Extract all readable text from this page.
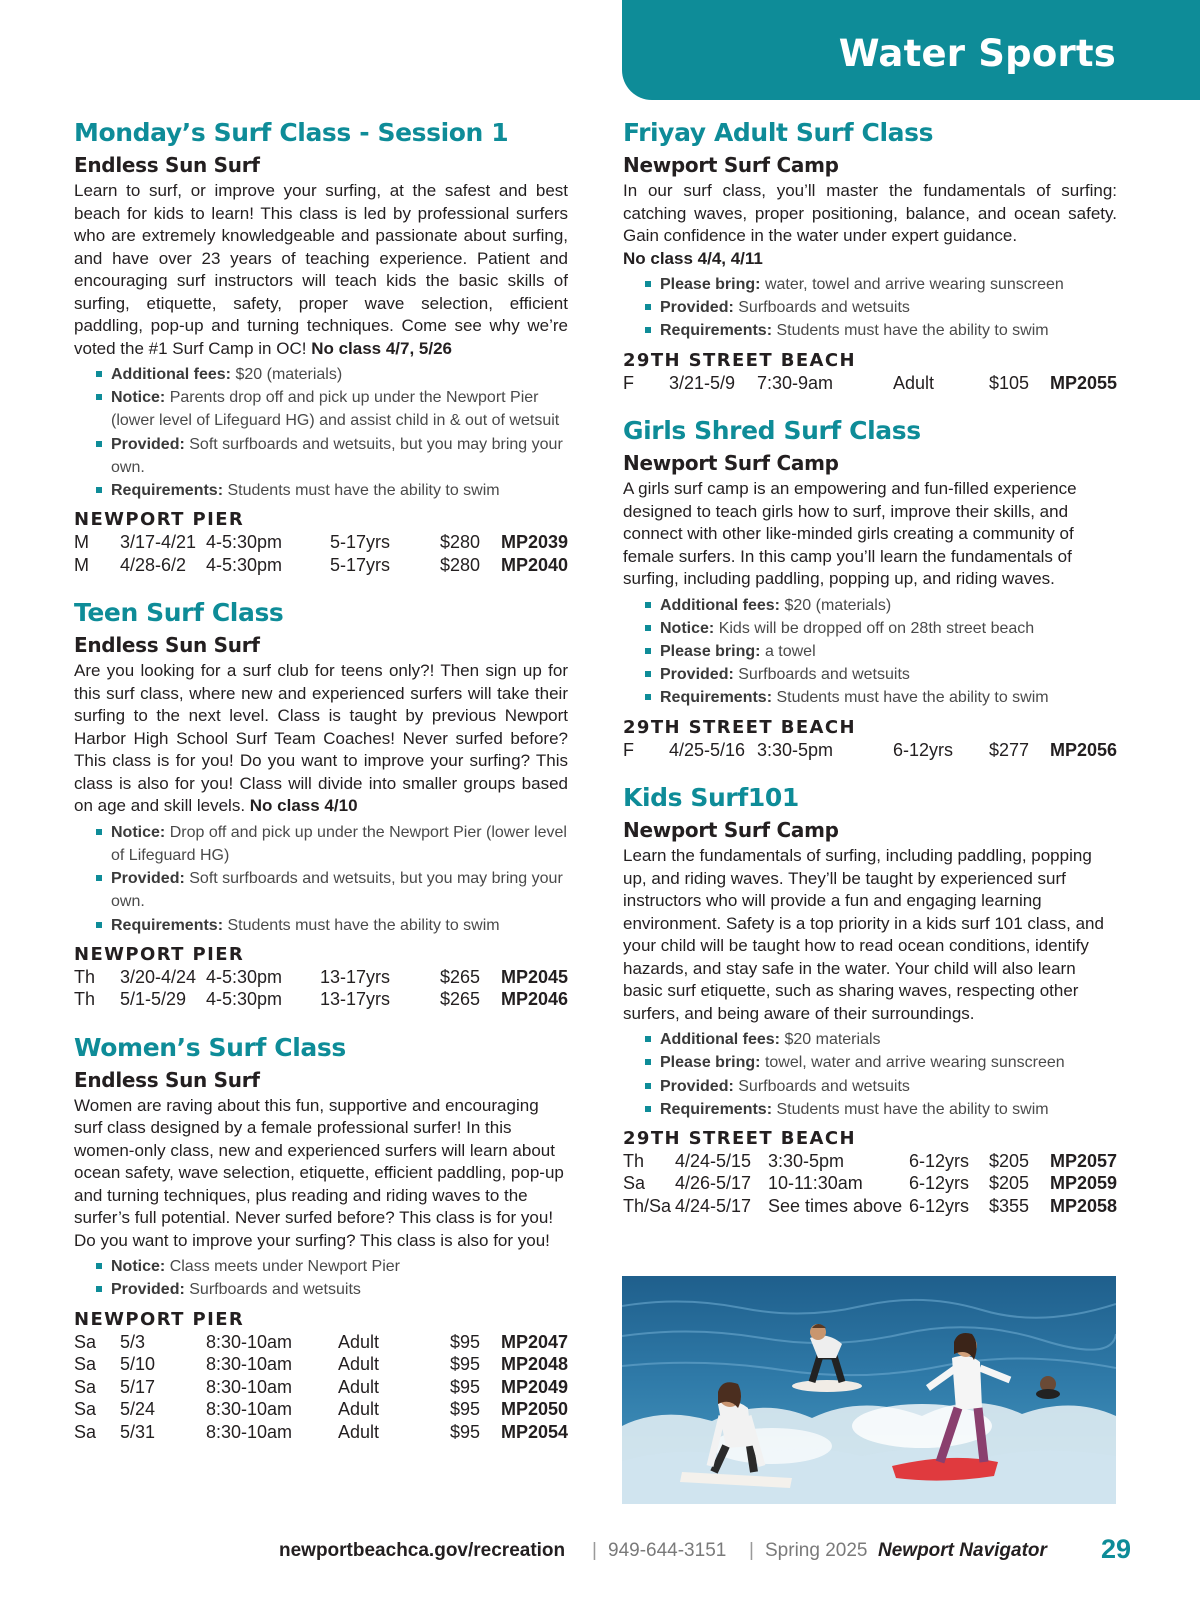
Water Sports
Monday’s Surf Class - Session 1
Endless Sun Surf

Learn to surf, or improve your surfing, at the safest and best beach for kids to learn! This class is led by professional surfers who are extremely knowledgeable and passionate about surfing, and have over 23 years of teaching experience. Patient and encouraging surf instructors will teach kids the basic skills of surfing, etiquette, safety, proper wave selection, efficient paddling, pop-up and turning techniques. Come see why we’re voted the #1 Surf Camp in OC! No class 4/7, 5/26

Additional fees: $20 (materials)
Notice: Parents drop off and pick up under the Newport Pier (lower level of Lifeguard HG) and assist child in & out of wetsuit
Provided: Soft surfboards and wetsuits, but you may bring your own.
Requirements: Students must have the ability to swim
NEWPORT PIER
M 3/17-4/21 4-5:30pm	5-17yrs	$280 MP2039
M 4/28-6/2 4-5:30pm	5-17yrs	$280 MP2040
Teen Surf Class
Endless Sun Surf

Are you looking for a surf club for teens only?! Then sign up for this surf class, where new and experienced surfers will take their surfing to the next level. Class is taught by previous Newport Harbor High School Surf Team Coaches! Never surfed before? This class is for you! Do you want to improve your surfing? This class is also for you! Class will divide into smaller groups based on age and skill levels. No class 4/10

Notice: Drop off and pick up under the Newport Pier (lower level of Lifeguard HG)
Provided: Soft surfboards and wetsuits, but you may bring your own.
Requirements: Students must have the ability to swim
NEWPORT PIER
Th 3/20-4/24 4-5:30pm 13-17yrs	$265 MP2045
Th 5/1-5/29 4-5:30pm 13-17yrs	$265 MP2046
Women’s Surf Class
Endless Sun Surf

Women are raving about this fun, supportive and encouraging surf class designed by a female professional surfer! In this women-only class, new and experienced surfers will learn about ocean safety, wave selection, etiquette, efficient paddling, pop-up and turning techniques, plus reading and riding waves to the surfer’s full potential. Never surfed before? This class is for you! Do you want to improve your surfing? This class is also for you!

Notice: Class meets under Newport Pier
Provided: Surfboards and wetsuits
NEWPORT PIER
Sa 5/3	8:30-10am	Adult	$95 MP2047
Sa 5/10	8:30-10am	Adult	$95 MP2048
Sa 5/17	8:30-10am	Adult	$95 MP2049
Sa 5/24	8:30-10am	Adult	$95 MP2050
Sa 5/31	8:30-10am	Adult	$95 MP2054
Friyay Adult Surf Class
Newport Surf Camp

In our surf class, you’ll master the fundamentals of surfing: catching waves, proper positioning, balance, and ocean safety. Gain confidence in the water under expert guidance.
No class 4/4, 4/11

Please bring: water, towel and arrive wearing sunscreen
Provided: Surfboards and wetsuits
Requirements: Students must have the ability to swim
29TH STREET BEACH
F 3/21-5/9 7:30-9am	Adult	$105 MP2055
Girls Shred Surf Class
Newport Surf Camp

A girls surf camp is an empowering and fun-filled experience designed to teach girls how to surf, improve their skills, and connect with other like-minded girls creating a community of female surfers. In this camp you’ll learn the fundamentals of surfing, including paddling, popping up, and riding waves.

Additional fees: $20 (materials)
Notice: Kids will be dropped off on 28th street beach
Please bring: a towel
Provided: Surfboards and wetsuits
Requirements: Students must have the ability to swim
29TH STREET BEACH
F 4/25-5/16 3:30-5pm	6-12yrs $277 MP2056
Kids Surf101
Newport Surf Camp

Learn the fundamentals of surfing, including paddling, popping up, and riding waves. They’ll be taught by experienced surf instructors who will provide a fun and engaging learning environment. Safety is a top priority in a kids surf 101 class, and your child will be taught how to read ocean conditions, identify hazards, and stay safe in the water. Your child will also learn basic surf etiquette, such as sharing waves, respecting other surfers, and being aware of their surroundings.

Additional fees: $20 materials
Please bring: towel, water and arrive wearing sunscreen
Provided: Surfboards and wetsuits
Requirements: Students must have the ability to swim
29TH STREET BEACH
Th 4/24-5/15 3:30-5pm	6-12yrs $205 MP2057
Sa 4/26-5/17 10-11:30am	6-12yrs $205 MP2059
Th/Sa 4/24-5/17 See times above 6-12yrs $355 MP2058
newportbeachca.gov/recreation | 949-644-3151 | Spring 2025 Newport Navigator 29
